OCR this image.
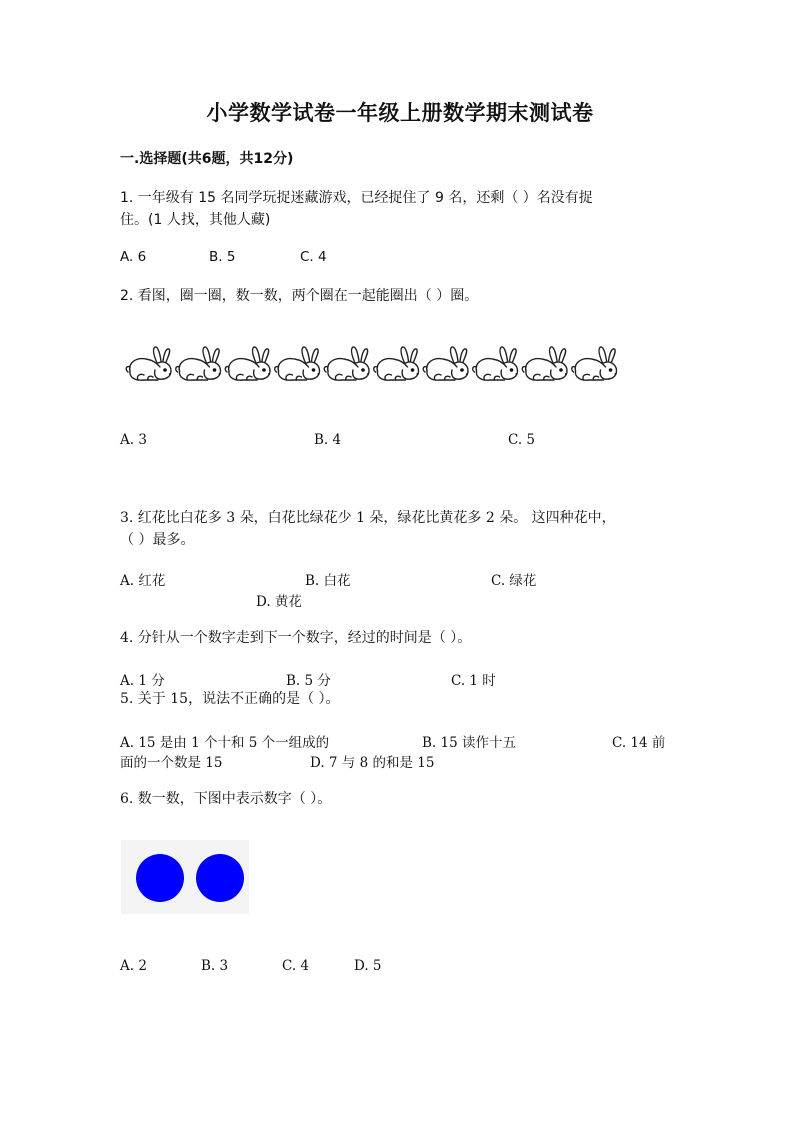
小学数学试卷一年级上册数学期末测试卷
一.选择题(共6题，共12分)
1. 一年级有 15 名同学玩捉迷藏游戏，已经捉住了 9 名，还剩（ ）名没有捉
住。(1 人找，其他人藏)
A. 6	B. 5	C. 4
2. 看图，圈一圈，数一数，两个圈在一起能圈出（ ）圈。
A. 3	B. 4	C. 5
3. 红花比白花多 3 朵，白花比绿花少 1 朵，绿花比黄花多 2 朵。 这四种花中，
（ ）最多。
A. 红花	B. 白花	C. 绿花
D. 黄花
4. 分针从一个数字走到下一个数字，经过的时间是（ ）。
A. 1 分	B. 5 分	C. 1 时
5. 关于 15，说法不正确的是（ ）。
A. 15 是由 1 个十和 5 个一组成的	B. 15 读作十五	C. 14 前
面的一个数是 15	D. 7 与 8 的和是 15
6. 数一数，下图中表示数字（ ）。
A. 2	B. 3	C. 4	D. 5
